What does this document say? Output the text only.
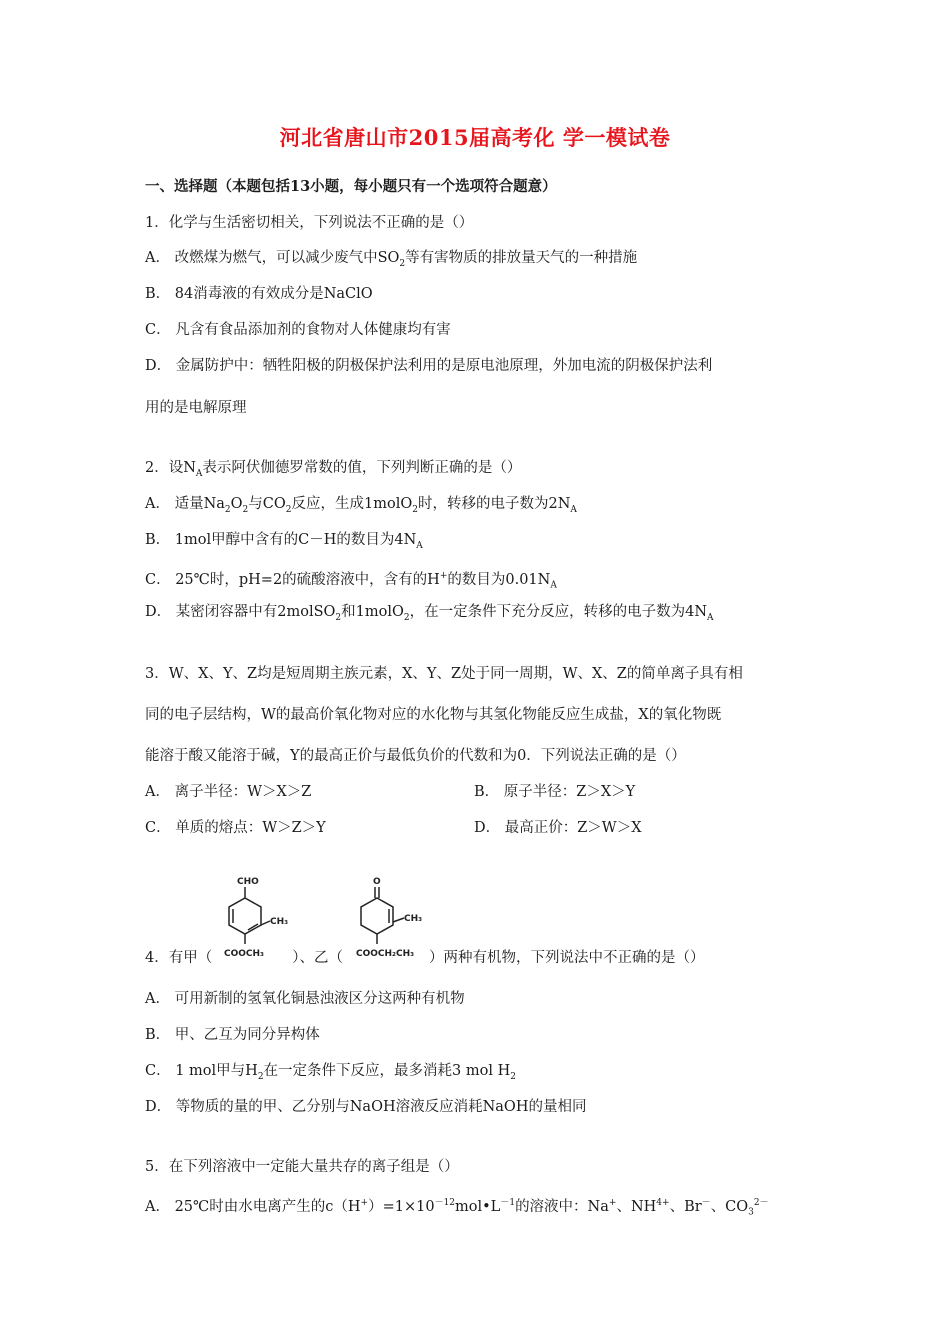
河北省唐山市2015届高考化 学一模试卷
一、选择题（本题包括13小题，每小题只有一个选项符合题意）
1．化学与生活密切相关，下列说法不正确的是（）
A． 改燃煤为燃气，可以减少废气中$SO_2$等有害物质的排放量天气的一种措施
B． 84消毒液的有效成分是NaClO
C． 凡含有食品添加剂的食物对人体健康均有害
D． 金属防护中：牺牲阳极的阴极保护法利用的是原电池原理，外加电流的阴极保护法利
用的是电解原理
2．设$N_A$表示阿伏伽德罗常数的值，下列判断正确的是（）
A． 适量$Na_2O_2$与$CO_2$反应，生成1molO$_2$时，转移的电子数为$2N_A$
B． 1mol甲醇中含有的C－H的数目为$4N_A$
C． 25℃时，pH=2的硫酸溶液中，含有的H+的数目为$0.01N_A$
D． 某密闭容器中有2molSO$_2$和1molO$_2$，在一定条件下充分反应，转移的电子数为$4N_A$
3．W、X、Y、Z均是短周期主族元素，X、Y、Z处于同一周期，W、X、Z的简单离子具有相
同的电子层结构，W的最高价氧化物对应的水化物与其氢化物能反应生成盐，X的氧化物既
能溶于酸又能溶于碱，Y的最高正价与最低负价的代数和为0．下列说法正确的是（）
A． 离子半径：W＞X＞Z	B． 原子半径：Z＞X＞Y
C． 单质的熔点：W＞Z＞Y	D． 最高正价：Z＞W＞X
CHO
CH₃
COOCH₃
O
CH₃
COOCH₂CH₃
4．有甲（	）、乙（	）两种有机物，下列说法中不正确的是（）
A． 可用新制的氢氧化铜悬浊液区分这两种有机物
B． 甲、乙互为同分异构体
C． 1 mol甲与$H_2$在一定条件下反应，最多消耗3 mol $H_2$
D． 等物质的量的甲、乙分别与NaOH溶液反应消耗NaOH的量相同
5．在下列溶液中一定能大量共存的离子组是（）
A． 25℃时由水电离产生的$c(H^+)=1\times 10^{-12}mol•L^{-1}$的溶液中：Na+、$NH^{4+}$、Br－、$CO_3^{2-}$
